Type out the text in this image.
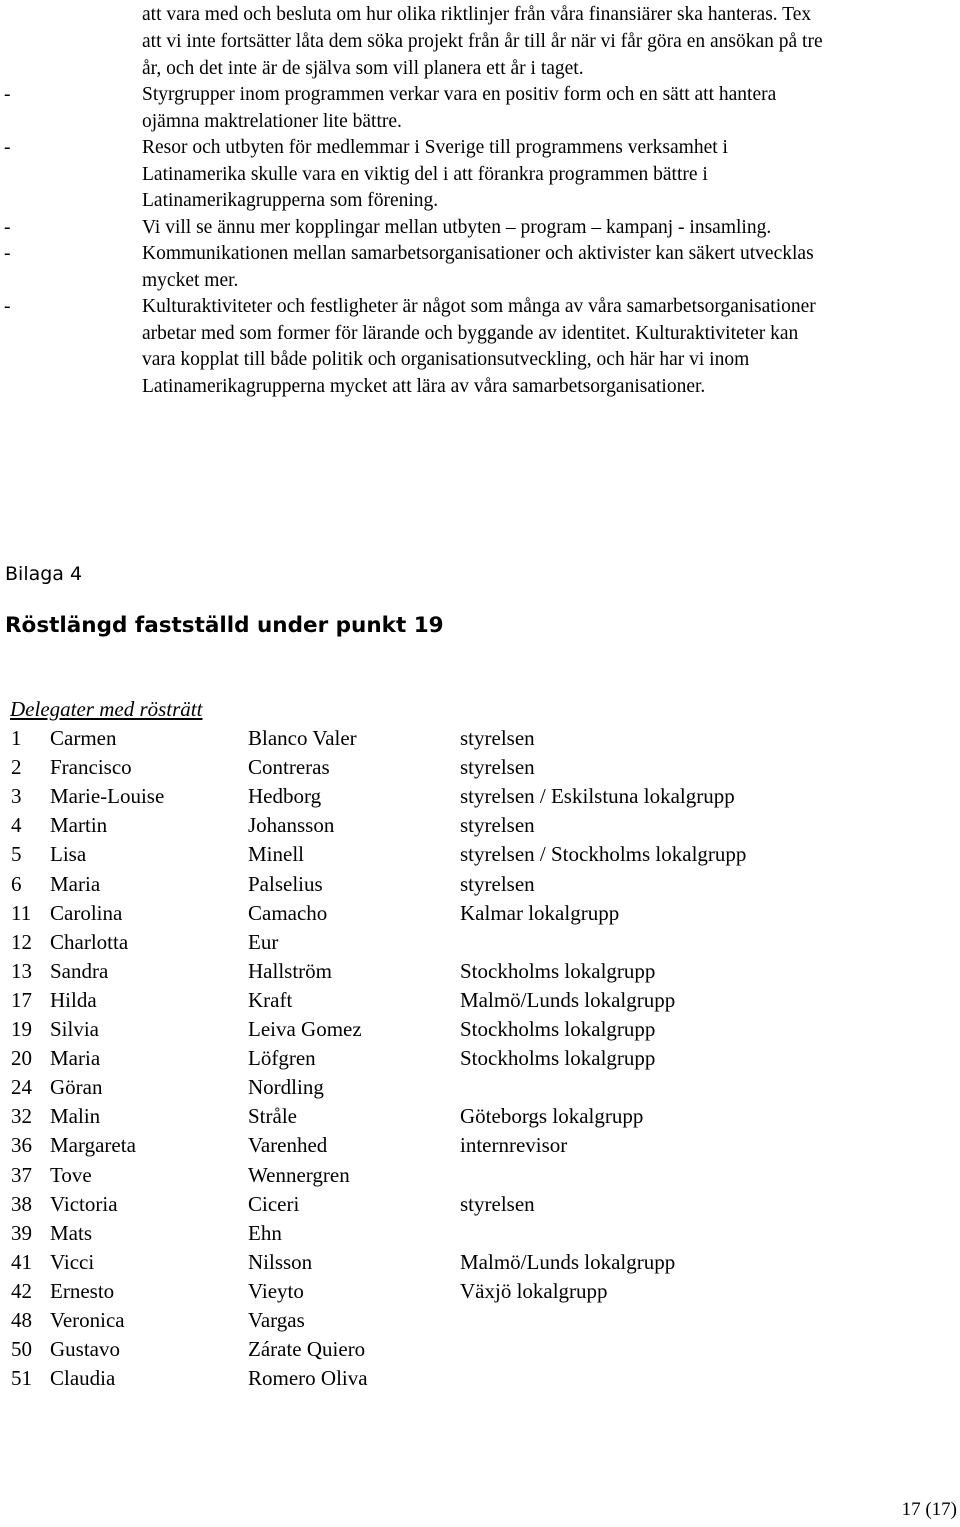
att vara med och besluta om hur olika riktlinjer från våra finansiärer ska hanteras. Tex
att vi inte fortsätter låta dem söka projekt från år till år när vi får göra en ansökan på tre
år, och det inte är de själva som vill planera ett år i taget.
-	Styrgrupper inom programmen verkar vara en positiv form och en sätt att hantera
ojämna maktrelationer lite bättre.
-	Resor och utbyten för medlemmar i Sverige till programmens verksamhet i
Latinamerika skulle vara en viktig del i att förankra programmen bättre i
Latinamerikagrupperna som förening.
-	Vi vill se ännu mer kopplingar mellan utbyten – program – kampanj - insamling.
-	Kommunikationen mellan samarbetsorganisationer och aktivister kan säkert utvecklas
mycket mer.
-	Kulturaktiviteter och festligheter är något som många av våra samarbetsorganisationer
arbetar med som former för lärande och byggande av identitet. Kulturaktiviteter kan
vara kopplat till både politik och organisationsutveckling, och här har vi inom
Latinamerikagrupperna mycket att lära av våra samarbetsorganisationer.
Bilaga 4
Röstlängd fastställd under punkt 19
Delegater med rösträtt
1 Carmen	Blanco Valer	styrelsen
2 Francisco	Contreras	styrelsen
3 Marie-Louise	Hedborg	styrelsen / Eskilstuna lokalgrupp
4 Martin	Johansson	styrelsen
5 Lisa	Minell	styrelsen / Stockholms lokalgrupp
6 Maria	Palselius	styrelsen
11 Carolina	Camacho	Kalmar lokalgrupp
12 Charlotta	Eur
13 Sandra	Hallström	Stockholms lokalgrupp
17 Hilda	Kraft	Malmö/Lunds lokalgrupp
19 Silvia	Leiva Gomez	Stockholms lokalgrupp
20 Maria	Löfgren	Stockholms lokalgrupp
24 Göran	Nordling
32 Malin	Stråle	Göteborgs lokalgrupp
36 Margareta	Varenhed	internrevisor
37 Tove	Wennergren
38 Victoria	Ciceri	styrelsen
39 Mats	Ehn
41 Vicci	Nilsson	Malmö/Lunds lokalgrupp
42 Ernesto	Vieyto	Växjö lokalgrupp
48 Veronica	Vargas
50 Gustavo	Zárate Quiero
51 Claudia	Romero Oliva
17 (17)
